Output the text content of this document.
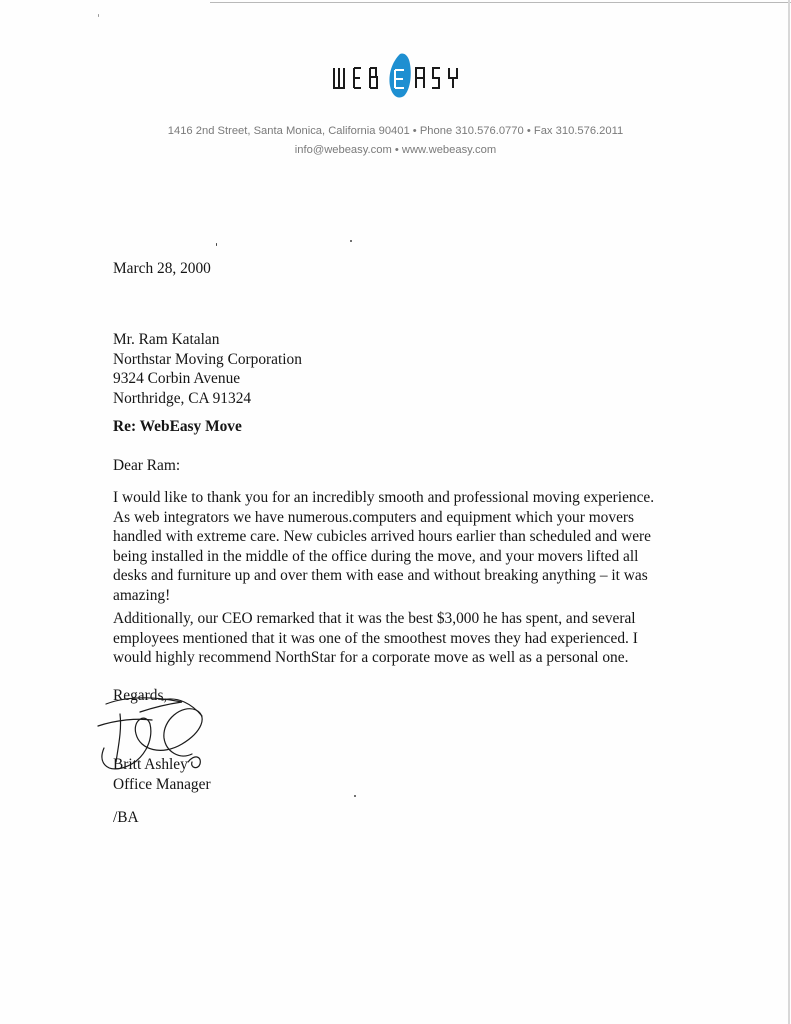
1416 2nd Street, Santa Monica, California 90401 • Phone 310.576.0770 • Fax 310.576.2011
info@webeasy.com • www.webeasy.com
March 28, 2000
Mr. Ram Katalan
Northstar Moving Corporation
9324 Corbin Avenue
Northridge, CA 91324
Re: WebEasy Move
Dear Ram:
I would like to thank you for an incredibly smooth and professional moving experience.
As web integrators we have numerous.computers and equipment which your movers
handled with extreme care. New cubicles arrived hours earlier than scheduled and were
being installed in the middle of the office during the move, and your movers lifted all
desks and furniture up and over them with ease and without breaking anything – it was
amazing!
Additionally, our CEO remarked that it was the best $3,000 he has spent, and several
employees mentioned that it was one of the smoothest moves they had experienced. I
would highly recommend NorthStar for a corporate move as well as a personal one.
Regards,
Britt Ashley
Office Manager
/BA
